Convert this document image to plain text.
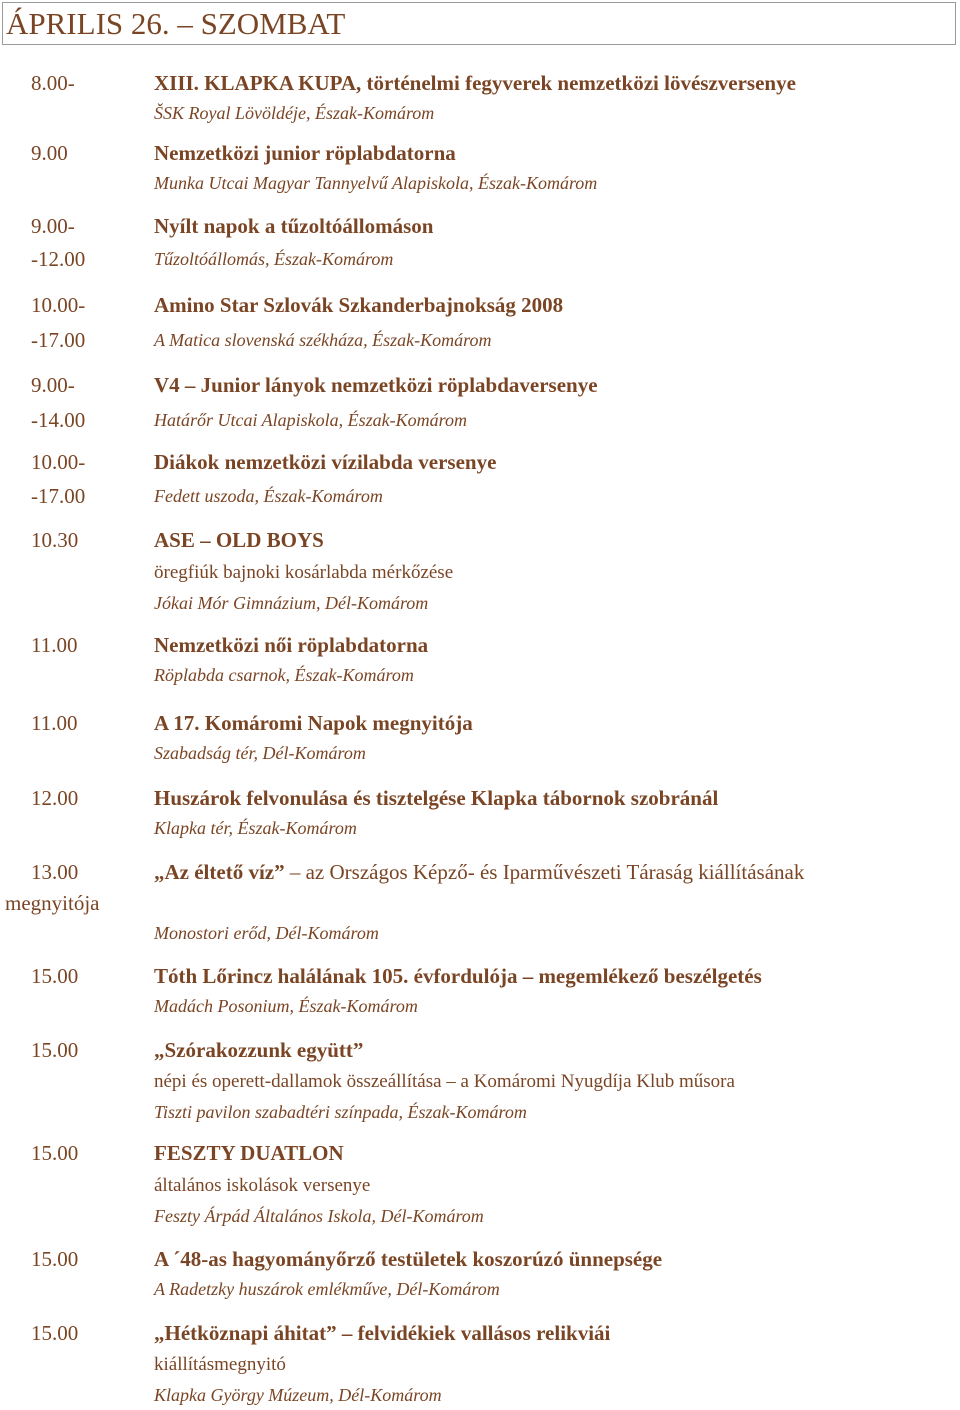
ÁPRILIS 26. – SZOMBAT
8.00-	XIII. KLAPKA KUPA, történelmi fegyverek nemzetközi lövészversenye
ŠSK Royal Lövöldéje, Észak-Komárom
9.00	Nemzetközi junior röplabdatorna
Munka Utcai Magyar Tannyelvű Alapiskola, Észak-Komárom
9.00-	Nyílt napok a tűzoltóállomáson
-12.00	Tűzoltóállomás, Észak-Komárom
10.00-	Amino Star Szlovák Szkanderbajnokság 2008
-17.00	A Matica slovenská székháza, Észak-Komárom
9.00-	V4 – Junior lányok nemzetközi röplabdaversenye
-14.00	Határőr Utcai Alapiskola, Észak-Komárom
10.00-	Diákok nemzetközi vízilabda versenye
-17.00	Fedett uszoda, Észak-Komárom
10.30	ASE – OLD BOYS
öregfiúk bajnoki kosárlabda mérkőzése
Jókai Mór Gimnázium, Dél-Komárom
11.00	Nemzetközi női röplabdatorna
Röplabda csarnok, Észak-Komárom
11.00	A 17. Komáromi Napok megnyitója
Szabadság tér, Dél-Komárom
12.00	Huszárok felvonulása és tisztelgése Klapka tábornok szobránál
Klapka tér, Észak-Komárom
13.00	„Az éltető víz” – az Országos Képző- és Iparművészeti Táraság kiállításának
megnyitója
Monostori erőd, Dél-Komárom
15.00	Tóth Lőrincz halálának 105. évfordulója – megemlékező beszélgetés
Madách Posonium, Észak-Komárom
15.00	„Szórakozzunk együtt”
népi és operett-dallamok összeállítása – a Komáromi Nyugdíja Klub műsora
Tiszti pavilon szabadtéri színpada, Észak-Komárom
15.00	FESZTY DUATLON
általános iskolások versenye
Feszty Árpád Általános Iskola, Dél-Komárom
15.00	A ´48-as hagyományőrző testületek koszorúzó ünnepsége
A Radetzky huszárok emlékműve, Dél-Komárom
15.00	„Hétköznapi áhitat” – felvidékiek vallásos relikviái
kiállításmegnyitó
Klapka György Múzeum, Dél-Komárom
